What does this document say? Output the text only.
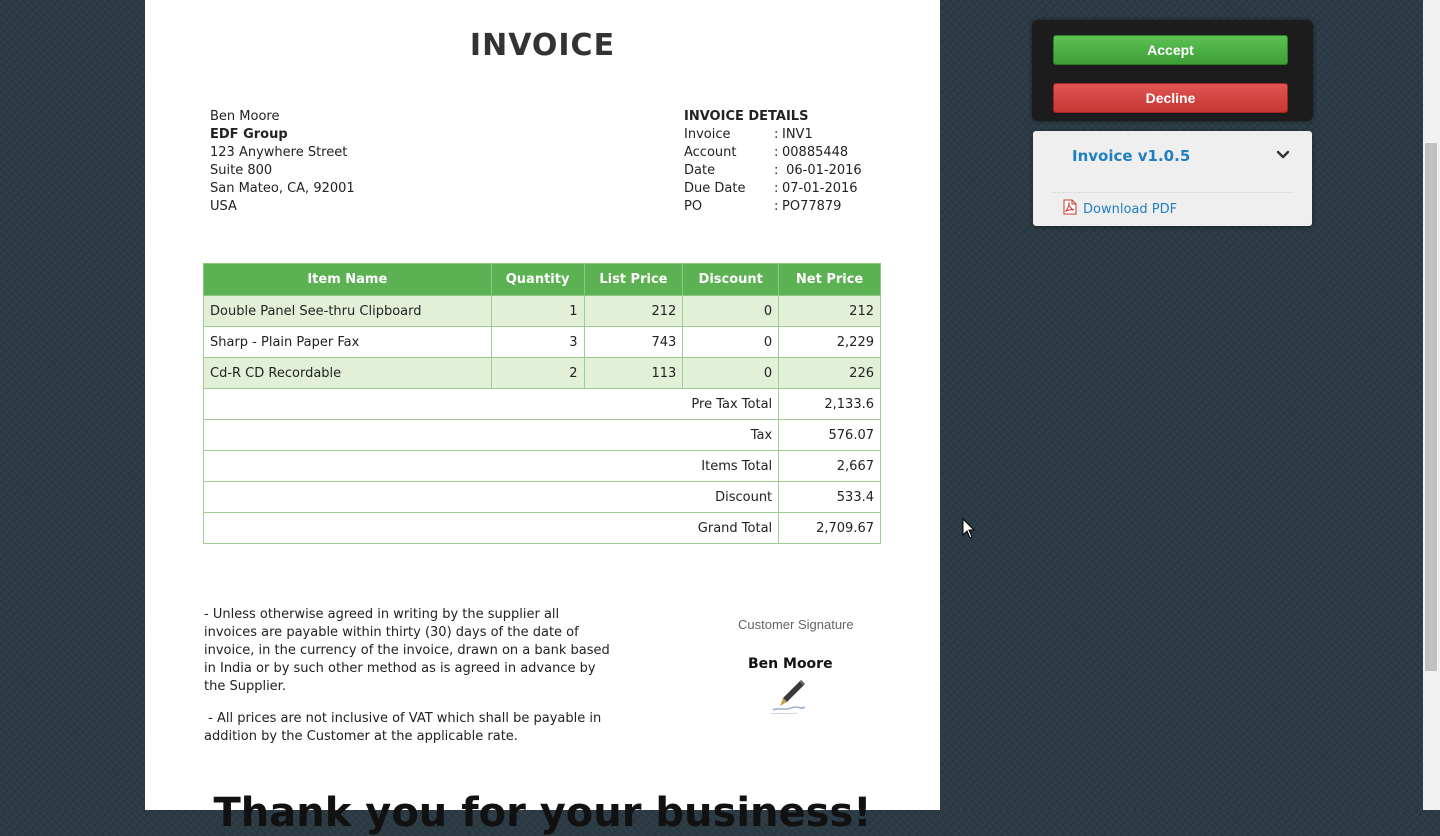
INVOICE
Ben Moore
EDF Group
123 Anywhere Street
Suite 800
San Mateo, CA, 92001
USA
INVOICE DETAILS
Invoice	: INV1
Account	: 00885448
Date	: 06-01-2016
Due Date	: 07-01-2016
PO	: PO77879
Item Name	Quantity	List Price	Discount	Net Price
Double Panel See-thru Clipboard	1	212	0	212
Sharp - Plain Paper Fax	3	743	0	2,229
Cd-R CD Recordable	2	113	0	226
Pre Tax Total				2,133.6
Tax				576.07
Items Total				2,667
Discount				533.4
Grand Total				2,709.67

- Unless otherwise agreed in writing by the supplier all invoices are payable within thirty (30) days of the date of invoice, in the currency of the invoice, drawn on a bank based in India or by such other method as is agreed in advance by the Supplier.

- All prices are not inclusive of VAT which shall be payable in addition by the Customer at the applicable rate.

Customer Signature
Ben Moore
Thank you for your business!
Accept
Decline
Invoice v1.0.5
Download PDF
